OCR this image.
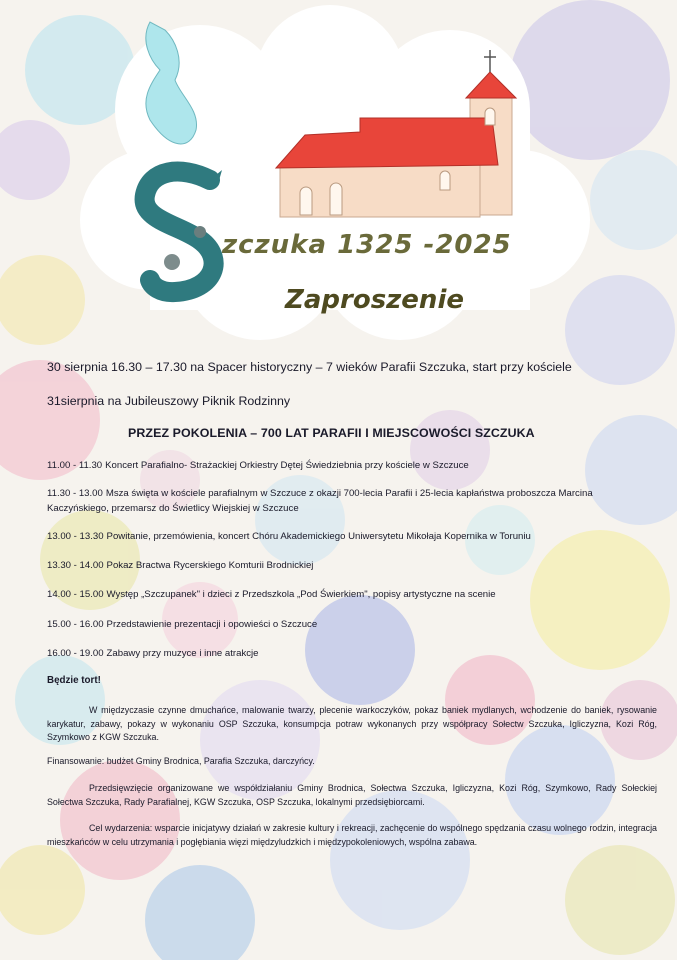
zczuka 1325 -2025
Zaproszenie

30 sierpnia 16.30 – 17.30 na Spacer historyczny – 7 wieków Parafii Szczuka, start przy kościele

31sierpnia na Jubileuszowy Piknik Rodzinny

PRZEZ POKOLENIA – 700 LAT PARAFII I MIEJSCOWOŚCI SZCZUKA

11.00 - 11.30 Koncert Parafialno- Strażackiej Orkiestry Dętej Świedziebnia przy kościele w Szczuce

11.30 - 13.00 Msza święta w kościele parafialnym w Szczuce z okazji 700-lecia Parafii i 25-lecia kapłaństwa proboszcza Marcina Kaczyńskiego, przemarsz do Świetlicy Wiejskiej w Szczuce

13.00 - 13.30 Powitanie, przemówienia, koncert Chóru Akademickiego Uniwersytetu Mikołaja Kopernika w Toruniu

13.30 - 14.00 Pokaz Bractwa Rycerskiego Komturii Brodnickiej

14.00 - 15.00 Występ „Szczupanek" i dzieci z Przedszkola „Pod Świerkiem", popisy artystyczne na scenie

15.00 - 16.00 Przedstawienie prezentacji i opowieści o Szczuce

16.00 - 19.00 Zabawy przy muzyce i inne atrakcje

Będzie tort!

W międzyczasie czynne dmuchańce, malowanie twarzy, plecenie warkoczyków, pokaz baniek mydlanych, wchodzenie do baniek, rysowanie karykatur, zabawy, pokazy w wykonaniu OSP Szczuka, konsumpcja potraw wykonanych przy współpracy Sołectw Szczuka, Igliczyzna, Kozi Róg, Szymkowo z KGW Szczuka.

Finansowanie: budżet Gminy Brodnica, Parafia Szczuka, darczyńcy.

Przedsięwzięcie organizowane we współdziałaniu Gminy Brodnica, Sołectwa Szczuka, Igliczyzna, Kozi Róg, Szymkowo, Rady Sołeckiej Sołectwa Szczuka, Rady Parafialnej, KGW Szczuka, OSP Szczuka, lokalnymi przedsiębiorcami.

Cel wydarzenia: wsparcie inicjatywy działań w zakresie kultury i rekreacji, zachęcenie do wspólnego spędzania czasu wolnego rodzin, integracja mieszkańców w celu utrzymania i pogłębiania więzi międzyludzkich i międzypokoleniowych, wspólna zabawa.
